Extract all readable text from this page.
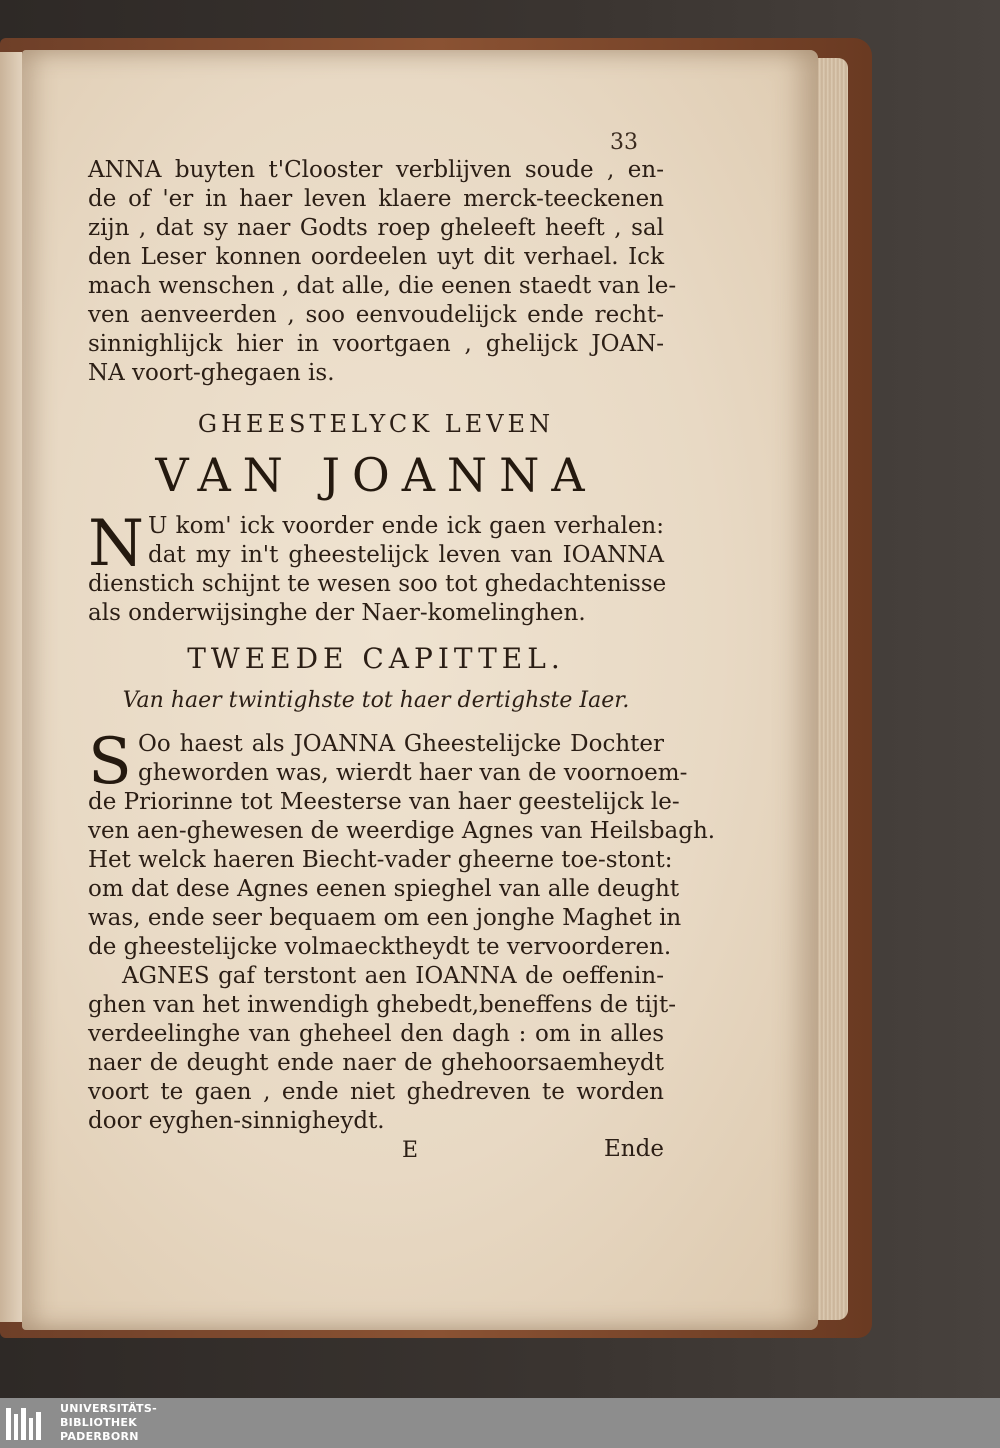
33
ANNA buyten t'Clooster verblijven soude , en-
de of 'er in haer leven klaere merck-teeckenen
zijn , dat sy naer Godts roep gheleeft heeft , sal
den Leser konnen oordeelen uyt dit verhael. Ick
mach wenschen , dat alle, die eenen staedt van le-
ven aenveerden , soo eenvoudelijck ende recht-
sinnighlijck hier in voortgaen , ghelijck JOAN-
NA voort-ghegaen is.
GHEESTELYCK LEVEN
VAN JOANNA
N U kom' ick voorder ende ick gaen verhalen:
dat my in't gheestelijck leven van IOANNA
dienstich schijnt te wesen soo tot ghedachtenisse
als onderwijsinghe der Naer-komelinghen.
TWEEDE CAPITTEL.
Van haer twintighste tot haer dertighste Iaer.
S Oo haest als JOANNA Gheestelijcke Dochter
gheworden was, wierdt haer van de voornoem-
de Priorinne tot Meesterse van haer geestelijck le-
ven aen-ghewesen de weerdige Agnes van Heilsbagh.
Het welck haeren Biecht-vader gheerne toe-stont:
om dat dese Agnes eenen spieghel van alle deught
was, ende seer bequaem om een jonghe Maghet in
de gheestelijcke volmaecktheydt te vervoorderen.
AGNES gaf terstont aen IOANNA de oeffenin-
ghen van het inwendigh ghebedt,beneffens de tijt-
verdeelinghe van gheheel den dagh : om in alles
naer de deught ende naer de ghehoorsaemheydt
voort te gaen , ende niet ghedreven te worden
door eyghen-sinnigheydt.
E	Ende
UNIVERSITÄTS-
BIBLIOTHEK
PADERBORN
